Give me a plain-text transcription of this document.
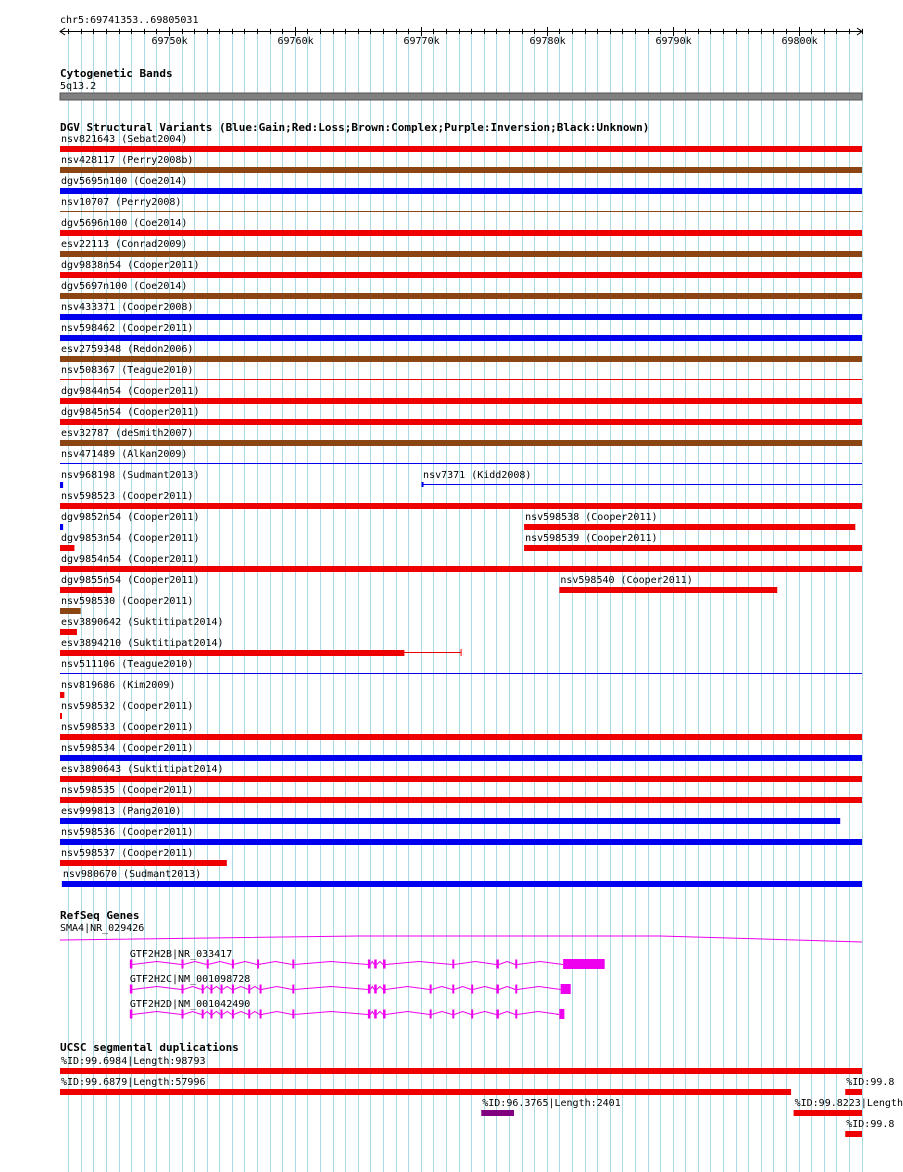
chr5:69741353..69805031
Cytogenetic Bands
5q13.2
DGV Structural Variants (Blue:Gain;Red:Loss;Brown:Complex;Purple:Inversion;Black:Unknown)
RefSeq Genes
SMA4|NR_029426
UCSC segmental duplications
69750k	69760k	69770k	69780k	69790k	69800k
nsv821643 (Sebat2004)
nsv428117 (Perry2008b)
dgv5695n100 (Coe2014)
nsv10707 (Perry2008)
dgv5696n100 (Coe2014)
esv22113 (Conrad2009)
dgv9838n54 (Cooper2011)
dgv5697n100 (Coe2014)
nsv433371 (Cooper2008)
nsv598462 (Cooper2011)
esv2759348 (Redon2006)
nsv508367 (Teague2010)
dgv9844n54 (Cooper2011)
dgv9845n54 (Cooper2011)
esv32787 (deSmith2007)
nsv471489 (Alkan2009)
nsv968198 (Sudmant2013)	nsv7371 (Kidd2008)
nsv598523 (Cooper2011)
dgv9852n54 (Cooper2011)	nsv598538 (Cooper2011)
dgv9853n54 (Cooper2011)	nsv598539 (Cooper2011)
dgv9854n54 (Cooper2011)
dgv9855n54 (Cooper2011)	nsv598540 (Cooper2011)
nsv598530 (Cooper2011)
esv3890642 (Suktitipat2014)
esv3894210 (Suktitipat2014)
nsv511106 (Teague2010)
nsv819686 (Kim2009)
nsv598532 (Cooper2011)
nsv598533 (Cooper2011)
nsv598534 (Cooper2011)
esv3890643 (Suktitipat2014)
nsv598535 (Cooper2011)
esv999813 (Pang2010)
nsv598536 (Cooper2011)
nsv598537 (Cooper2011)
nsv980670 (Sudmant2013)
GTF2H2B|NR_033417
GTF2H2C|NM_001098728
GTF2H2D|NM_001042490
%ID:99.6984|Length:98793
%ID:99.6879|Length:57996	%ID:99.8
%ID:96.3765|Length:2401	%ID:99.8223|Length
%ID:99.8
